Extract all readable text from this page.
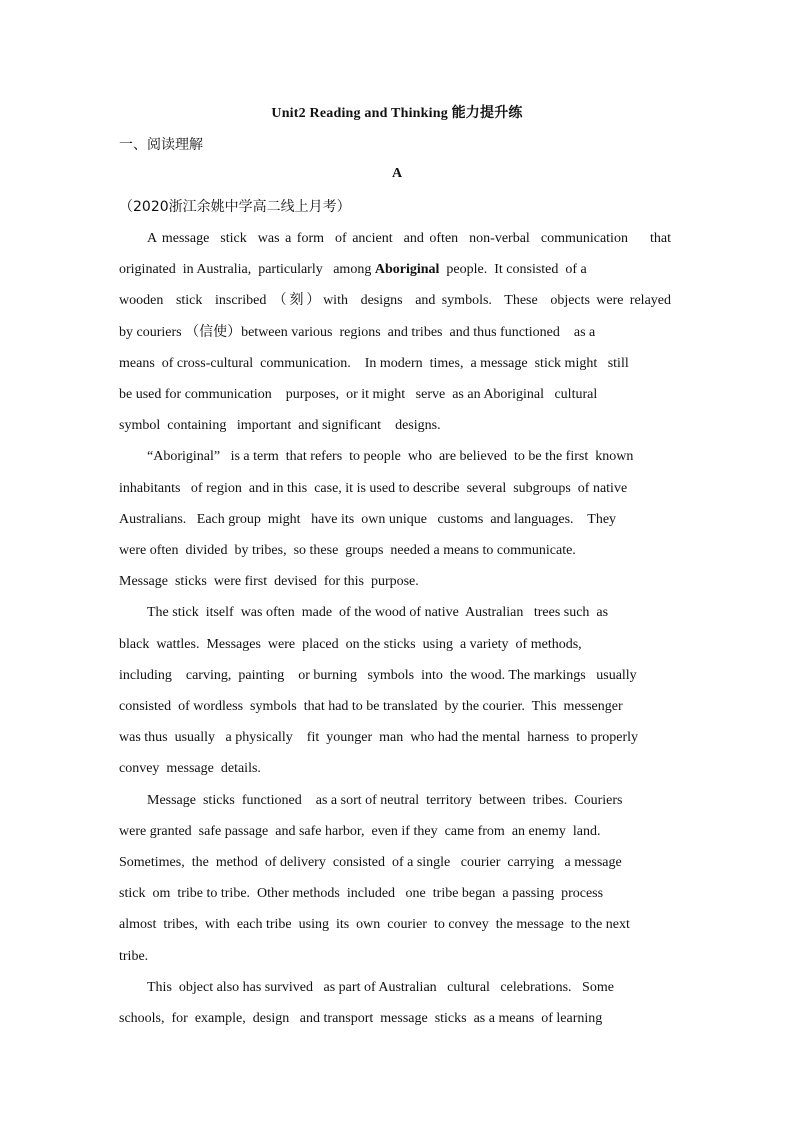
Unit2 Reading and Thinking 能力提升练
一、阅读理解
A
（2020浙江余姚中学高二线上月考）

A message  stick  was a form  of ancient  and often  non-verbal  communication    that
originated  in Australia,  particularly   among Aboriginal  people.  It consisted  of a
wooden  stick  inscribed （刻）with  designs  and symbols.  These  objects were relayed
by couriers （信使）between various  regions  and tribes  and thus functioned    as a
means  of cross-cultural  communication.    In modern  times,  a message  stick might   still
be used for communication    purposes,  or it might   serve  as an Aboriginal   cultural
symbol  containing   important  and significant    designs.

“Aboriginal”   is a term  that refers  to people  who  are believed  to be the first  known
inhabitants   of region  and in this  case, it is used to describe  several  subgroups  of native
Australians.   Each group  might   have its  own unique   customs  and languages.    They
were often  divided  by tribes,  so these  groups  needed a means to communicate.
Message  sticks  were first  devised  for this  purpose.

The stick  itself  was often  made  of the wood of native  Australian   trees such  as
black  wattles.  Messages  were  placed  on the sticks  using  a variety  of methods,
including    carving,  painting    or burning   symbols  into  the wood. The markings   usually
consisted  of wordless  symbols  that had to be translated  by the courier.  This  messenger
was thus  usually   a physically    fit  younger  man  who had the mental  harness  to properly
convey  message  details.

Message  sticks  functioned    as a sort of neutral  territory  between  tribes.  Couriers
were granted  safe passage  and safe harbor,  even if they  came from  an enemy  land.
Sometimes,  the  method  of delivery  consisted  of a single   courier  carrying   a message
stick  om  tribe to tribe.  Other methods  included   one  tribe began  a passing  process
almost  tribes,  with  each tribe  using  its  own  courier  to convey  the message  to the next
tribe.

This  object also has survived   as part of Australian   cultural   celebrations.   Some
schools,  for  example,  design   and transport  message  sticks  as a means  of learning
